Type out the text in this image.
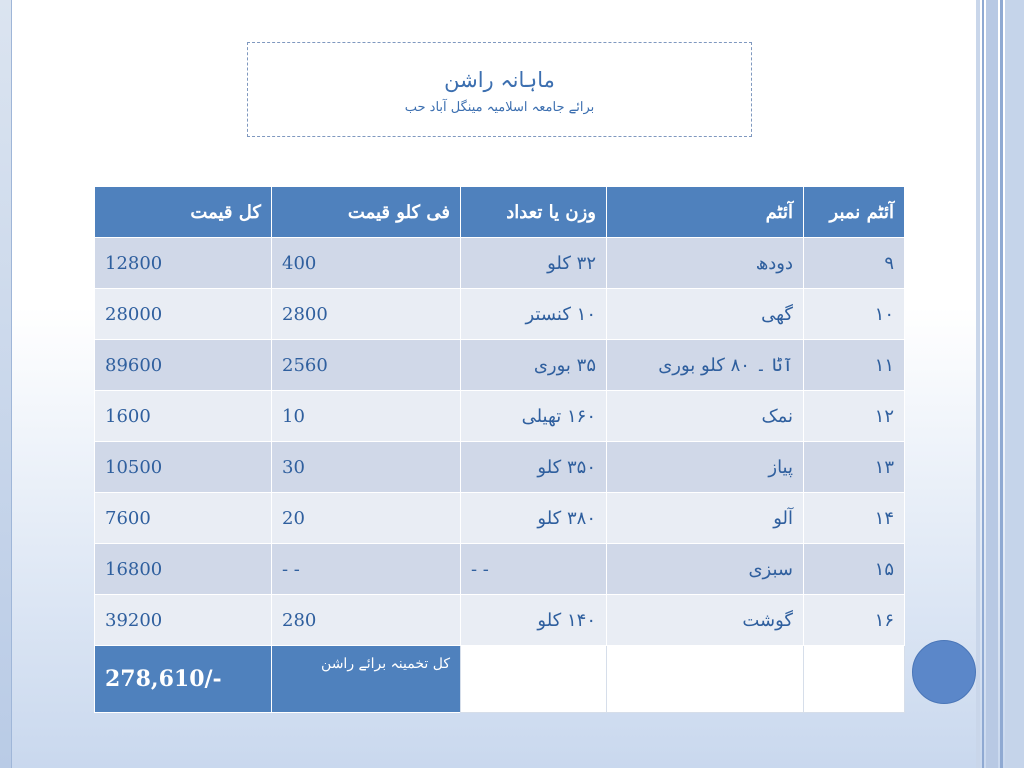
ماہانہ راشن
برائے جامعہ اسلامیہ مینگل آباد حب
آئٹم نمبر	آئٹم	وزن یا تعداد	فی کلو قیمت	کل قیمت
۹	دودھ	۳۲ کلو	400	12800
۱۰	گھی	۱۰ کنستر	2800	28000
۱۱	آٹا ۔ ۸۰ کلو بوری	۳۵ بوری	2560	89600
۱۲	نمک	۱۶۰ تھیلی	10	1600
۱۳	پیاز	۳۵۰ کلو	30	10500
۱۴	آلو	۳۸۰ کلو	20	7600
۱۵	سبزی	- -	- -	16800
۱۶	گوشت	۱۴۰ کلو	280	39200
			کل تخمینہ برائے راشن	278,610/-
